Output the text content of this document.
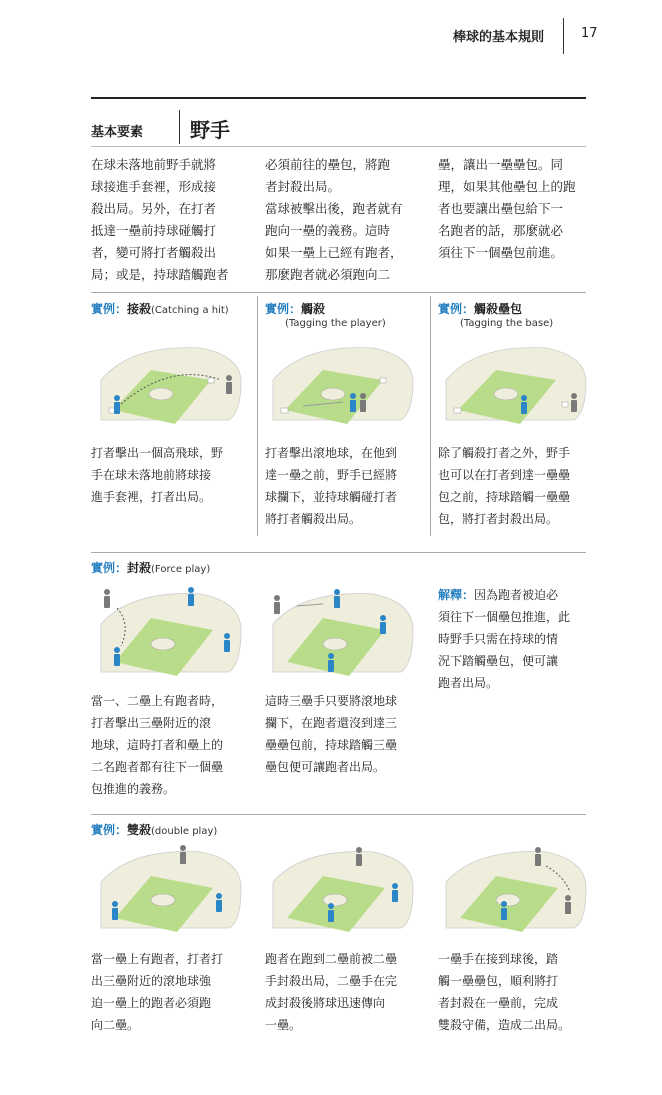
棒球的基本規則	17
基本要素 野手
在球未落地前野手就將
球接進手套裡，形成接
殺出局。另外，在打者
抵達一壘前持球碰觸打
者，變可將打者觸殺出
局；或是，持球踏觸跑者
必須前往的壘包，將跑
者封殺出局。
當球被擊出後，跑者就有
跑向一壘的義務。這時
如果一壘上已經有跑者，
那麼跑者就必須跑向二
壘，讓出一壘壘包。同
理，如果其他壘包上的跑
者也要讓出壘包給下一
名跑者的話，那麼就必
須往下一個壘包前進。
實例：接殺(Catching a hit)	實例：觸殺
(Tagging the player)
實例：觸殺壘包
(Tagging the base)
打者擊出一個高飛球，野
手在球未落地前將球接
進手套裡，打者出局。
打者擊出滾地球，在他到
達一壘之前，野手已經將
球攔下，並持球觸碰打者
將打者觸殺出局。
除了觸殺打者之外，野手
也可以在打者到達一壘壘
包之前，持球踏觸一壘壘
包，將打者封殺出局。
實例：封殺(Force play)
解釋：因為跑者被迫必
須往下一個壘包推進，此
時野手只需在持球的情
況下踏觸壘包，便可讓
跑者出局。
當一、二壘上有跑者時，
打者擊出三壘附近的滾
地球，這時打者和壘上的
二名跑者都有往下一個壘
包推進的義務。
這時三壘手只要將滾地球
攔下，在跑者還沒到達三
壘壘包前，持球踏觸三壘
壘包便可讓跑者出局。
實例：雙殺(double play)
當一壘上有跑者，打者打
出三壘附近的滾地球強
迫一壘上的跑者必須跑
向二壘。
跑者在跑到二壘前被二壘
手封殺出局，二壘手在完
成封殺後將球迅速傳向
一壘。
一壘手在接到球後，踏
觸一壘壘包，順利將打
者封殺在一壘前，完成
雙殺守備，造成二出局。
